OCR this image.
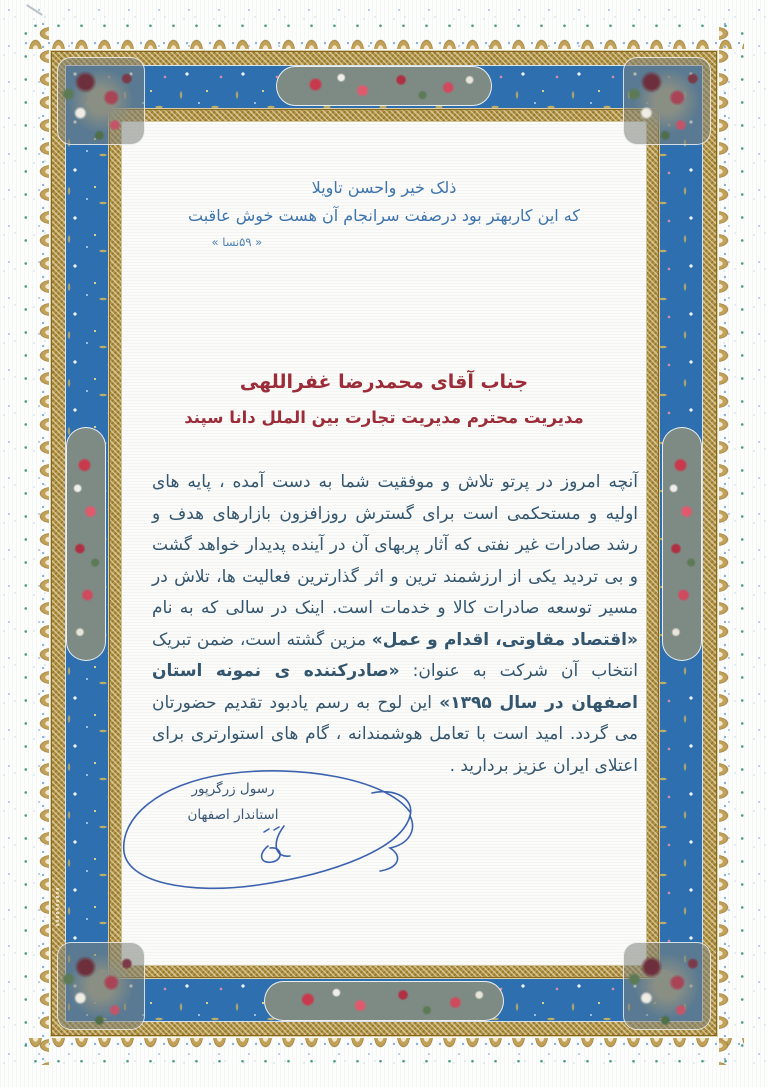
ذلک خیر واحسن تاویلا
که این کاربهتر بود درصفت سرانجام آن هست خوش عاقبت
« ۵۹نسا »
جناب آقای محمدرضا غفراللهی
مدیریت محترم مدیریت تجارت بین الملل دانا سپند
آنچه امروز در پرتو تلاش و موفقیت شما به دست آمده ، پایه های اولیه و مستحکمی است برای گسترش روزافزون بازارهای هدف و رشد صادرات غیر نفتی که آثار پربهای آن در آینده پدیدار خواهد گشت و بی تردید یکی از ارزشمند ترین و اثر گذارترین فعالیت ها، تلاش در مسیر توسعه صادرات کالا و خدمات است. اینک در سالی که به نام «اقتصاد مقاوتی، اقدام و عمل» مزین گشته است، ضمن تبریک انتخاب آن شرکت به عنوان: «صادرکننده ی نمونه استان اصفهان در سال ۱۳۹۵» این لوح به رسم یادبود تقدیم حضورتان می گردد. امید است با تعامل هوشمندانه ، گام های استوارتری برای اعتلای ایران عزیز بردارید .
رسول زرگرپور
استاندار اصفهان
